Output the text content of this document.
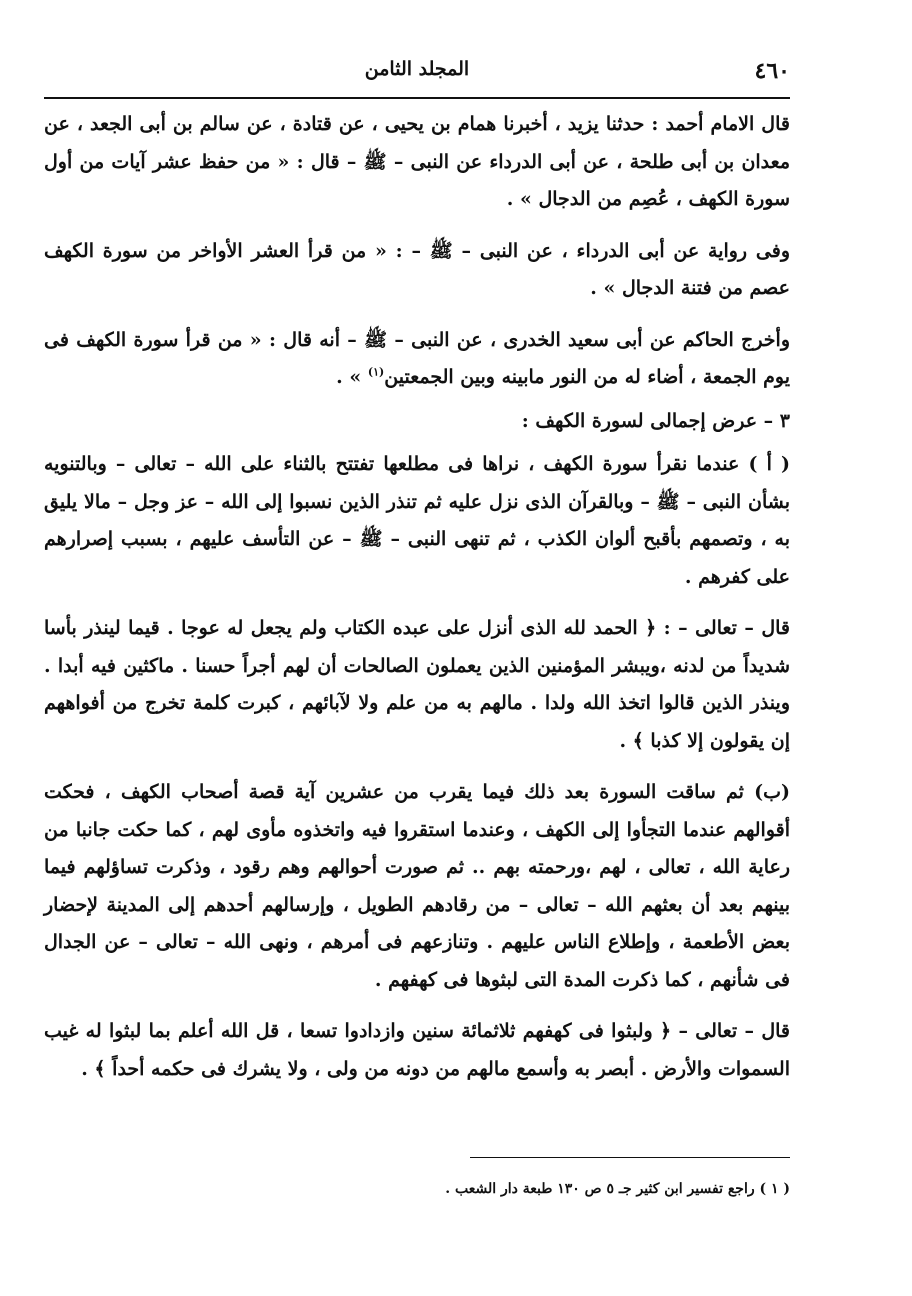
٤٦٠
المجلد الثامن

قال الامام أحمد : حدثنا يزيد ، أخبرنا همام بن يحيى ، عن قتادة ، عن سالم بن أبى الجعد ، عن معدان بن أبى طلحة ، عن أبى الدرداء عن النبى – ﷺ – قال : « من حفظ عشر آيات من أول سورة الكهف ، عُصِم من الدجال » .

وفى رواية عن أبى الدرداء ، عن النبى – ﷺ – : « من قرأ العشر الأواخر من سورة الكهف عصم من فتنة الدجال » .

وأخرج الحاكم عن أبى سعيد الخدرى ، عن النبى – ﷺ – أنه قال : « من قرأ سورة الكهف فى يوم الجمعة ، أضاء له من النور مابينه وبين الجمعتين$^{(١)}$ » .

٣ – عرض إجمالى لسورة الكهف :

( أ ) عندما نقرأ سورة الكهف ، نراها فى مطلعها تفتتح بالثناء على الله – تعالى – وبالتنويه بشأن النبى – ﷺ – وبالقرآن الذى نزل عليه ثم تنذر الذين نسبوا إلى الله – عز وجل – مالا يليق به ، وتصمهم بأقبح ألوان الكذب ، ثم تنهى النبى – ﷺ – عن التأسف عليهم ، بسبب إصرارهم على كفرهم .

قال – تعالى – : ﴿ الحمد لله الذى أنزل على عبده الكتاب ولم يجعل له عوجا . قيما لينذر بأسا شديداً من لدنه ،ويبشر المؤمنين الذين يعملون الصالحات أن لهم أجراً حسنا . ماكثين فيه أبدا . وينذر الذين قالوا اتخذ الله ولدا . مالهم به من علم ولا لآبائهم ، كبرت كلمة تخرج من أفواههم إن يقولون إلا كذبا ﴾ .

(ب) ثم ساقت السورة بعد ذلك فيما يقرب من عشرين آية قصة أصحاب الكهف ، فحكت أقوالهم عندما التجأوا إلى الكهف ، وعندما استقروا فيه واتخذوه مأوى لهم ، كما حكت جانبا من رعاية الله ، تعالى ، لهم ،ورحمته بهم .. ثم صورت أحوالهم وهم رقود ، وذكرت تساؤلهم فيما بينهم بعد أن بعثهم الله – تعالى – من رقادهم الطويل ، وإرسالهم أحدهم إلى المدينة لإحضار بعض الأطعمة ، وإطلاع الناس عليهم . وتنازعهم فى أمرهم ، ونهى الله – تعالى – عن الجدال فى شأنهم ، كما ذكرت المدة التى لبثوها فى كهفهم .

قال – تعالى – ﴿ ولبثوا فى كهفهم ثلاثمائة سنين وازدادوا تسعا ، قل الله أعلم بما لبثوا له غيب السموات والأرض . أبصر به وأسمع مالهم من دونه من ولى ، ولا يشرك فى حكمه أحداً ﴾ .

( ١ ) راجع تفسير ابن كثير جـ ٥ ص ١٣٠ طبعة دار الشعب .
